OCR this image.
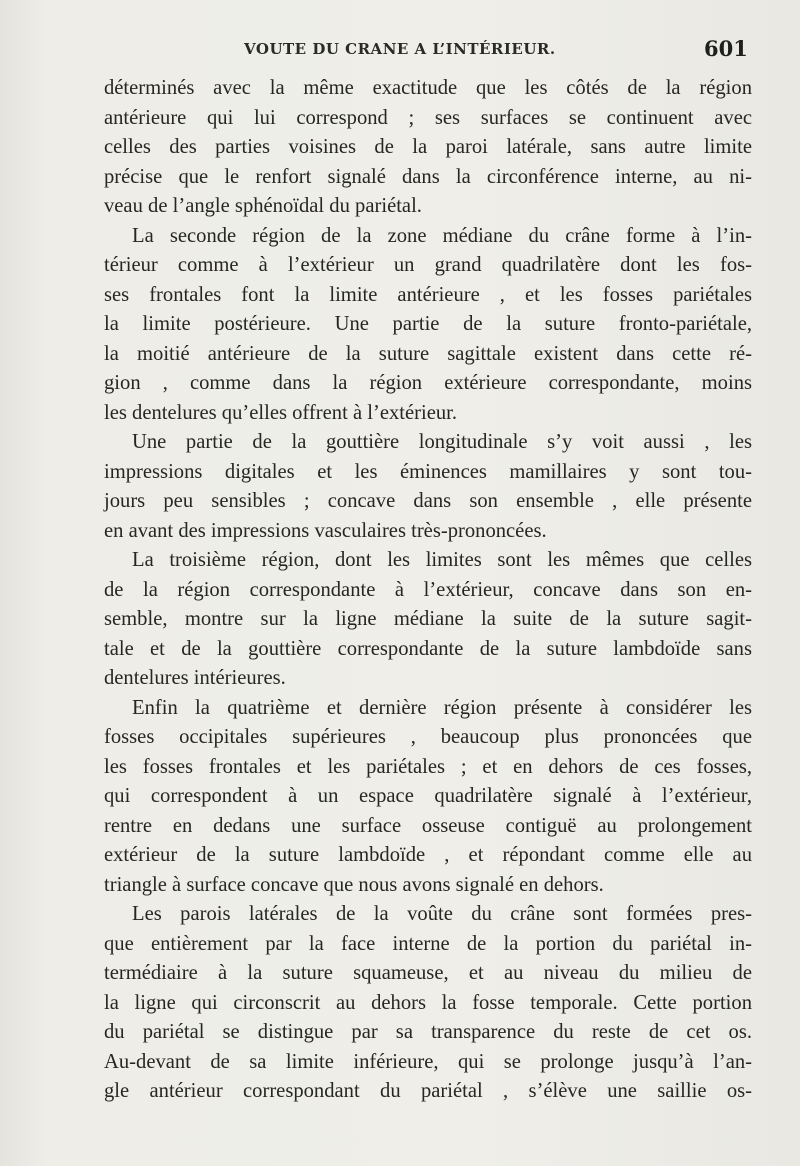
VOUTE DU CRANE A L’INTÉRIEUR.	601

déterminés avec la même exactitude que les côtés de la région

antérieure qui lui correspond ; ses surfaces se continuent avec

celles des parties voisines de la paroi latérale, sans autre limite

précise que le renfort signalé dans la circonférence interne, au ni-

veau de l’angle sphénoïdal du pariétal.

La seconde région de la zone médiane du crâne forme à l’in-

térieur comme à l’extérieur un grand quadrilatère dont les fos-

ses frontales font la limite antérieure , et les fosses pariétales

la limite postérieure. Une partie de la suture fronto-pariétale,

la moitié antérieure de la suture sagittale existent dans cette ré-

gion , comme dans la région extérieure correspondante, moins

les dentelures qu’elles offrent à l’extérieur.

Une partie de la gouttière longitudinale s’y voit aussi , les

impressions digitales et les éminences mamillaires y sont tou-

jours peu sensibles ; concave dans son ensemble , elle présente

en avant des impressions vasculaires très-prononcées.

La troisième région, dont les limites sont les mêmes que celles

de la région correspondante à l’extérieur, concave dans son en-

semble, montre sur la ligne médiane la suite de la suture sagit-

tale et de la gouttière correspondante de la suture lambdoïde sans

dentelures intérieures.

Enfin la quatrième et dernière région présente à considérer les

fosses occipitales supérieures , beaucoup plus prononcées que

les fosses frontales et les pariétales ; et en dehors de ces fosses,

qui correspondent à un espace quadrilatère signalé à l’extérieur,

rentre en dedans une surface osseuse contiguë au prolongement

extérieur de la suture lambdoïde , et répondant comme elle au

triangle à surface concave que nous avons signalé en dehors.

Les parois latérales de la voûte du crâne sont formées pres-

que entièrement par la face interne de la portion du pariétal in-

termédiaire à la suture squameuse, et au niveau du milieu de

la ligne qui circonscrit au dehors la fosse temporale. Cette portion

du pariétal se distingue par sa transparence du reste de cet os.

Au-devant de sa limite inférieure, qui se prolonge jusqu’à l’an-

gle antérieur correspondant du pariétal , s’élève une saillie os-
